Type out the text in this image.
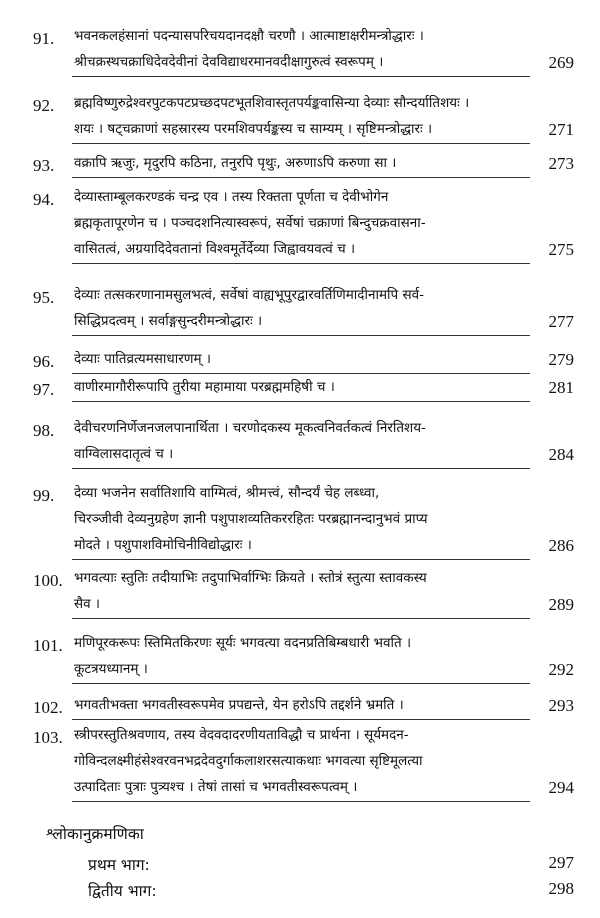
91. भवनकलहंसानां पदन्यासपरिचयदानदक्षौ चरणौ । आत्माष्टाक्षरीमन्त्रोद्धारः ।
श्रीचक्रस्थचक्राधिदेवदेवीनां देवविद्याधरमानवदीक्षागुरुत्वं स्वरूपम् ।	269
92. ब्रह्मविष्णुरुद्रेश्वरपुटकपटप्रच्छदपटभूतशिवास्तृतपर्यङ्कवासिन्या देव्याः सौन्दर्यातिशयः ।
शयः । षट्चक्राणां सहस्रारस्य परमशिवपर्यङ्कस्य च साम्यम् । सृष्टिमन्त्रोद्धारः ।	271
93. वक्रापि ऋजुः, मृदुरपि कठिना, तनुरपि पृथुः, अरुणाऽपि करुणा सा ।	273
94. देव्यास्ताम्बूलकरण्डकं चन्द्र एव । तस्य रिक्तता पूर्णता च देवीभोगेन
ब्रह्मकृतापूरणेन च । पञ्चदशनित्यास्वरूपं, सर्वेषां चक्राणां बिन्दुचक्रवासना-
वासितत्वं, अग्रयादिदेवतानां विश्वमूर्तेर्देव्या जिह्वावयवत्वं च ।	275
95. देव्याः तत्सकरणानामसुलभत्वं, सर्वेषां वाह्यभूपुरद्वारवर्तिणिमादीनामपि सर्व-
सिद्धिप्रदत्वम् । सर्वाङ्गसुन्दरीमन्त्रोद्धारः ।	277
96. देव्याः पातिव्रत्यमसाधारणम् ।	279
97. वाणीरमागौरीरूपापि तुरीया महामाया परब्रह्ममहिषी च ।	281
98. देवीचरणनिर्णेजनजलपानार्थिता । चरणोदकस्य मूकत्वनिवर्तकत्वं निरतिशय-
वाग्विलासदातृत्वं च ।	284
99. देव्या भजनेन सर्वातिशायि वाग्मित्वं, श्रीमत्त्वं, सौन्दर्यं चेह लब्ध्वा,
चिरञ्जीवी देव्यनुग्रहेण ज्ञानी पशुपाशव्यतिकररहितः परब्रह्मानन्दानुभवं प्राप्य
मोदते । पशुपाशविमोचिनीविद्योद्धारः ।	286
100. भगवत्याः स्तुतिः तदीयाभिः तदुपाभिर्वाग्भिः क्रियते । स्तोत्रं स्तुत्या स्तावकस्य
सैव ।	289
101. मणिपूरकरूपः स्तिमितकिरणः सूर्यः भगवत्या वदनप्रतिबिम्बधारी भवति ।
कूटत्रयध्यानम् ।	292
102. भगवतीभक्ता भगवतीस्वरूपमेव प्रपद्यन्ते, येन हरोऽपि तद्दर्शने भ्रमति ।	293
103. स्त्रीपरस्तुतिश्रवणाय, तस्य वेदवदादरणीयताविद्धौ च प्रार्थना । सूर्यमदन-
गोविन्दलक्ष्मीहंसेश्वरवनभद्रदेवदुर्गाकलाशरसत्याकथाः भगवत्या सृष्टिमूलत्या
उत्पादिताः पुत्राः पुत्र्यश्च । तेषां तासां च भगवतीस्वरूपत्वम् ।	294
श्लोकानुक्रमणिका
प्रथम भाग:	297
द्वितीय भाग:	298
